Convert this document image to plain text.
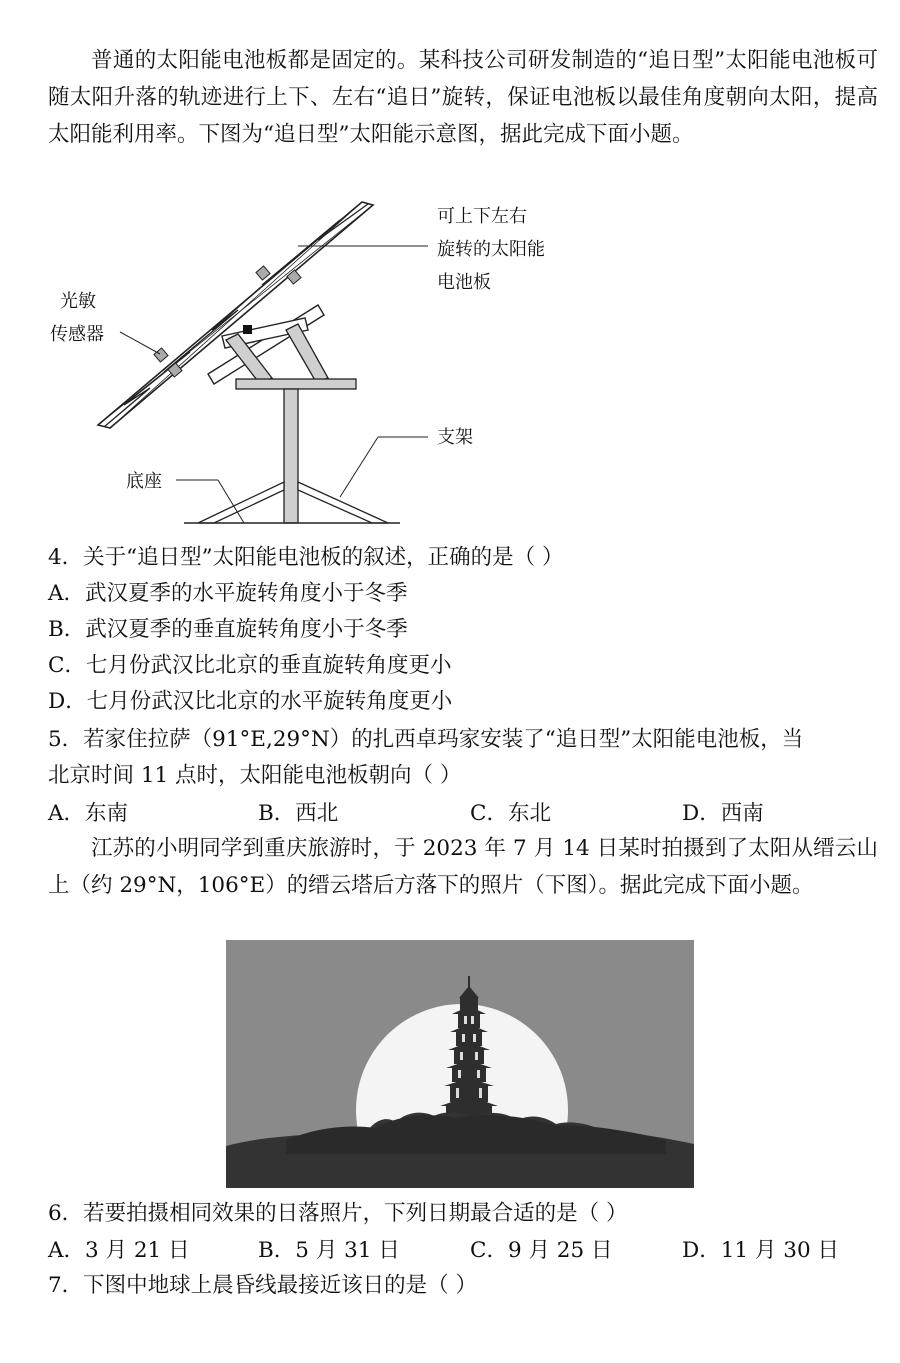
普通的太阳能电池板都是固定的。某科技公司研发制造的“追日型”太阳能电池板可随太阳升落的轨迹进行上下、左右“追日”旋转，保证电池板以最佳角度朝向太阳，提高太阳能利用率。下图为“追日型”太阳能示意图，据此完成下面小题。

可上下左右
旋转的太阳能
电池板
光敏
传感器
支架
底座
4．关于“追日型”太阳能电池板的叙述，正确的是（ ）
A．武汉夏季的水平旋转角度小于冬季
B．武汉夏季的垂直旋转角度小于冬季
C．七月份武汉比北京的垂直旋转角度更小
D．七月份武汉比北京的水平旋转角度更小
5．若家住拉萨（91°E,29°N）的扎西卓玛家安装了“追日型”太阳能电池板，当
北京时间 11 点时，太阳能电池板朝向（ ）
A．东南	B．西北	C．东北	D．西南

江苏的小明同学到重庆旅游时，于 2023 年 7 月 14 日某时拍摄到了太阳从缙云山上（约 29°N，106°E）的缙云塔后方落下的照片（下图）。据此完成下面小题。

6．若要拍摄相同效果的日落照片，下列日期最合适的是（ ）
A．3 月 21 日	B．5 月 31 日	C．9 月 25 日	D．11 月 30 日
7．下图中地球上晨昏线最接近该日的是（ ）
